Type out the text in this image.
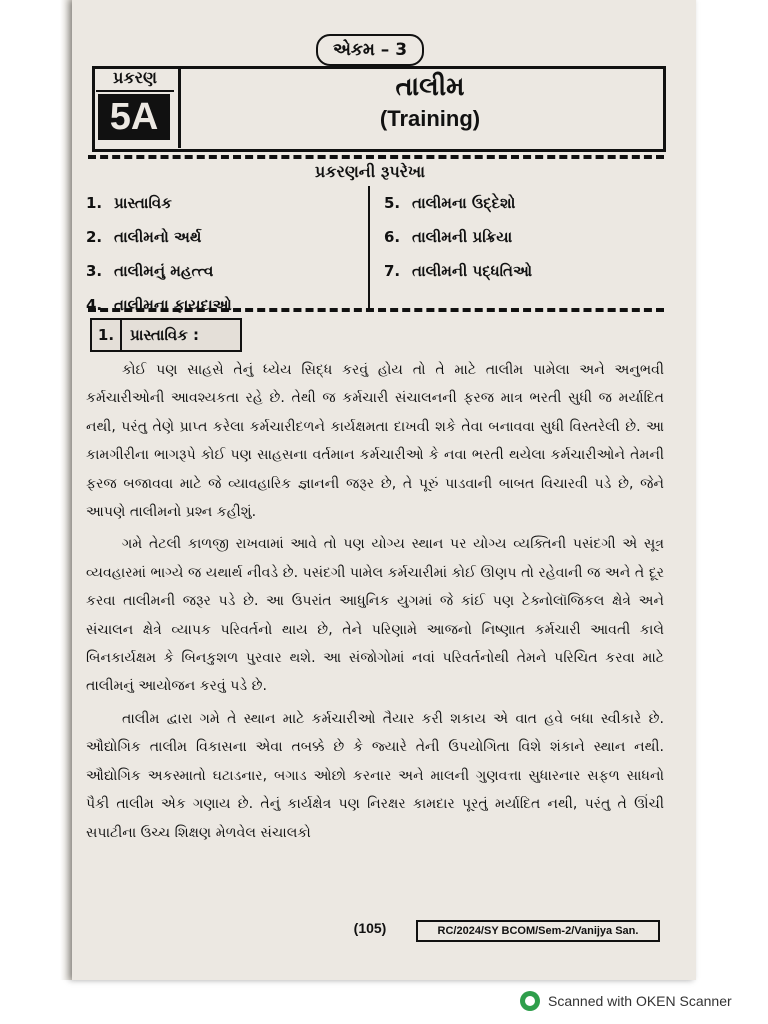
એકમ – 3
પ્રકરણ
5A
તાલીમ
(Training)
પ્રકરણની રૂપરેખા
1. પ્રાસ્તાવિક
2. તાલીમનો અર્થ
3. તાલીમનું મહત્ત્વ
4. તાલીમના ફાયદાઓ
5. તાલીમના ઉદ્દેશો
6. તાલીમની પ્રક્રિયા
7. તાલીમની પદ્ધતિઓ
1.	પ્રાસ્તાવિક :

કોઈ પણ સાહસે તેનું ધ્યેય સિદ્ધ કરવું હોય તો તે માટે તાલીમ પામેલા અને અનુભવી કર્મચારીઓની આવશ્યકતા રહે છે. તેથી જ કર્મચારી સંચાલનની ફરજ માત્ર ભરતી સુધી જ મર્યાદિત નથી, પરંતુ તેણે પ્રાપ્ત કરેલા કર્મચારીદળને કાર્યક્ષમતા દાખવી શકે તેવા બનાવવા સુધી વિસ્તરેલી છે. આ કામગીરીના ભાગરૂપે કોઈ પણ સાહસના વર્તમાન કર્મચારીઓ કે નવા ભરતી થયેલા કર્મચારીઓને તેમની ફરજ બજાવવા માટે જે વ્યાવહારિક જ્ઞાનની જરૂર છે, તે પૂરું પાડવાની બાબત વિચારવી પડે છે, જેને આપણે તાલીમનો પ્રશ્ન કહીશું.

ગમે તેટલી કાળજી રાખવામાં આવે તો પણ યોગ્ય સ્થાન પર યોગ્ય વ્યક્તિની પસંદગી એ સૂત્ર વ્યવહારમાં ભાગ્યે જ યથાર્થ નીવડે છે. પસંદગી પામેલ કર્મચારીમાં કોઈ ઊણપ તો રહેવાની જ અને તે દૂર કરવા તાલીમની જરૂર પડે છે. આ ઉપરાંત આધુનિક યુગમાં જે કાંઈ પણ ટેક્નોલૉજિકલ ક્ષેત્રે અને સંચાલન ક્ષેત્રે વ્યાપક પરિવર્તનો થાય છે, તેને પરિણામે આજનો નિષ્ણાત કર્મચારી આવતી કાલે બિનકાર્યક્ષમ કે બિનકુશળ પુરવાર થશે. આ સંજોગોમાં નવાં પરિવર્તનોથી તેમને પરિચિત કરવા માટે તાલીમનું આયોજન કરવું પડે છે.

તાલીમ દ્વારા ગમે તે સ્થાન માટે કર્મચારીઓ તૈયાર કરી શકાય એ વાત હવે બધા સ્વીકારે છે. ઔદ્યોગિક તાલીમ વિકાસના એવા તબક્કે છે કે જ્યારે તેની ઉપયોગિતા વિશે શંકાને સ્થાન નથી. ઔદ્યોગિક અકસ્માતો ઘટાડનાર, બગાડ ઓછો કરનાર અને માલની ગુણવત્તા સુધારનાર સફળ સાધનો પૈકી તાલીમ એક ગણાય છે. તેનું કાર્યક્ષેત્ર પણ નિરક્ષર કામદાર પૂરતું મર્યાદિત નથી, પરંતુ તે ઊંચી સપાટીના ઉચ્ચ શિક્ષણ મેળવેલ સંચાલકો

(105)	RC/2024/SY BCOM/Sem-2/Vanijya San.
Scanned with OKEN Scanner
